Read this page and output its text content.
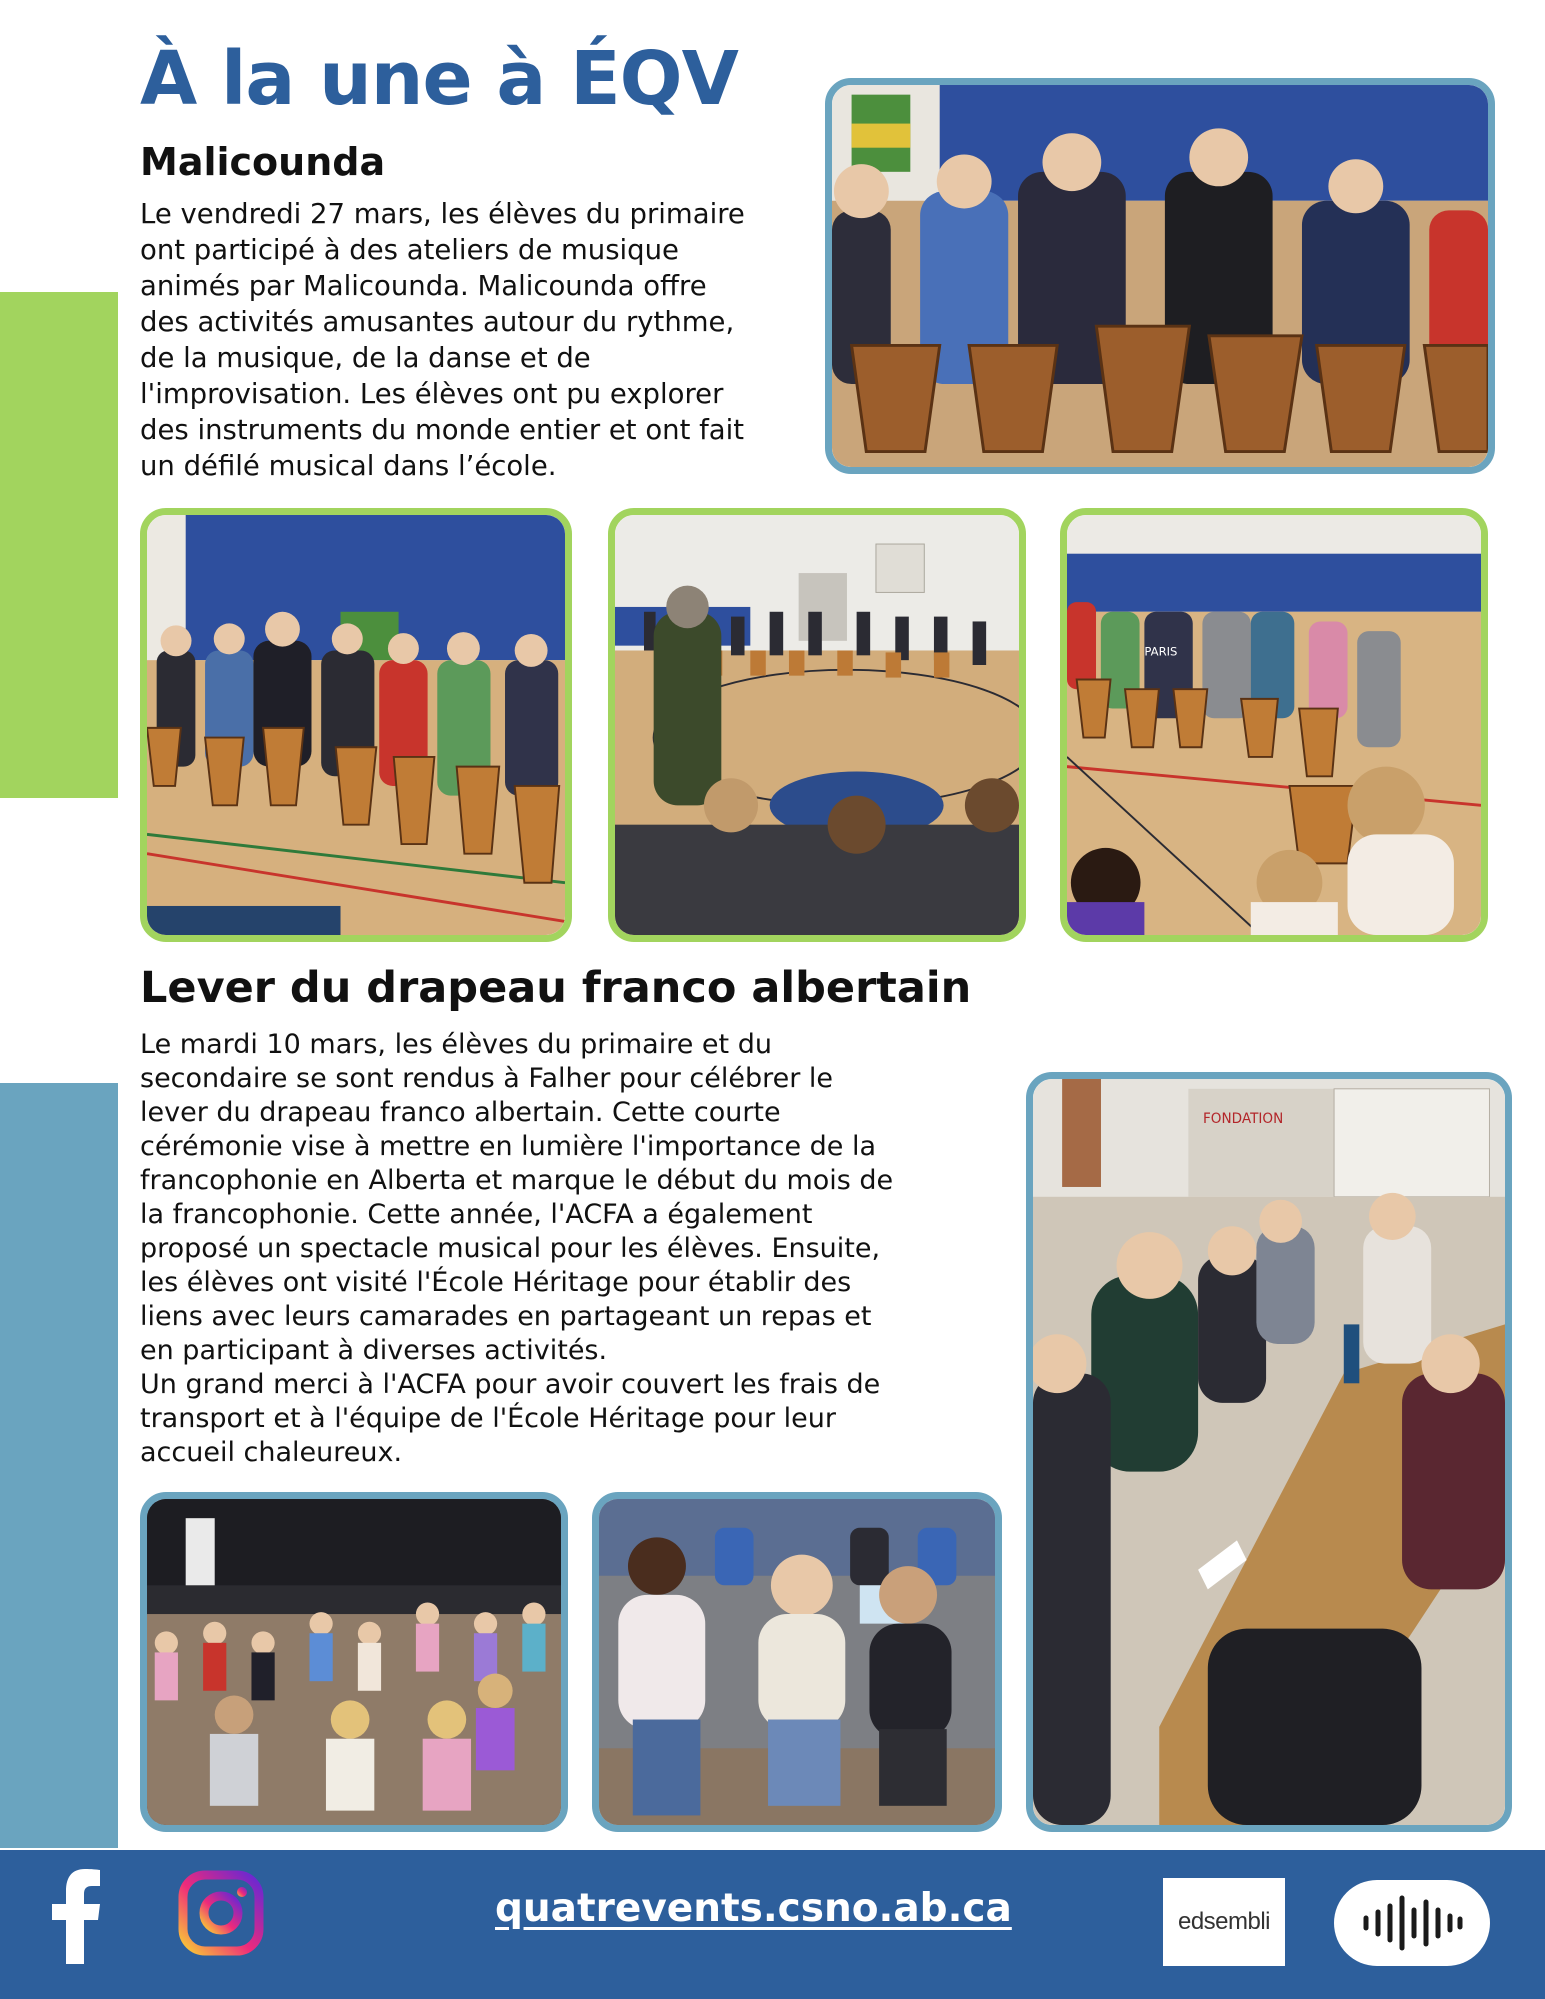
À la une à ÉQV
Malicounda
Le vendredi 27 mars, les élèves du primaire
ont participé à des ateliers de musique
animés par Malicounda. Malicounda offre
des activités amusantes autour du rythme,
de la musique, de la danse et de
l'improvisation. Les élèves ont pu explorer
des instruments du monde entier et ont fait
un défilé musical dans l’école.
PARIS
Lever du drapeau franco albertain
Le mardi 10 mars, les élèves du primaire et du
secondaire se sont rendus à Falher pour célébrer le
lever du drapeau franco albertain. Cette courte
cérémonie vise à mettre en lumière l'importance de la
francophonie en Alberta et marque le début du mois de
la francophonie. Cette année, l'ACFA a également
proposé un spectacle musical pour les élèves. Ensuite,
les élèves ont visité l'École Héritage pour établir des
liens avec leurs camarades en partageant un repas et
en participant à diverses activités.
Un grand merci à l'ACFA pour avoir couvert les frais de
transport et à l'équipe de l'École Héritage pour leur
accueil chaleureux.
FONDATION

quatrevents.csno.ab.ca	edsembli
